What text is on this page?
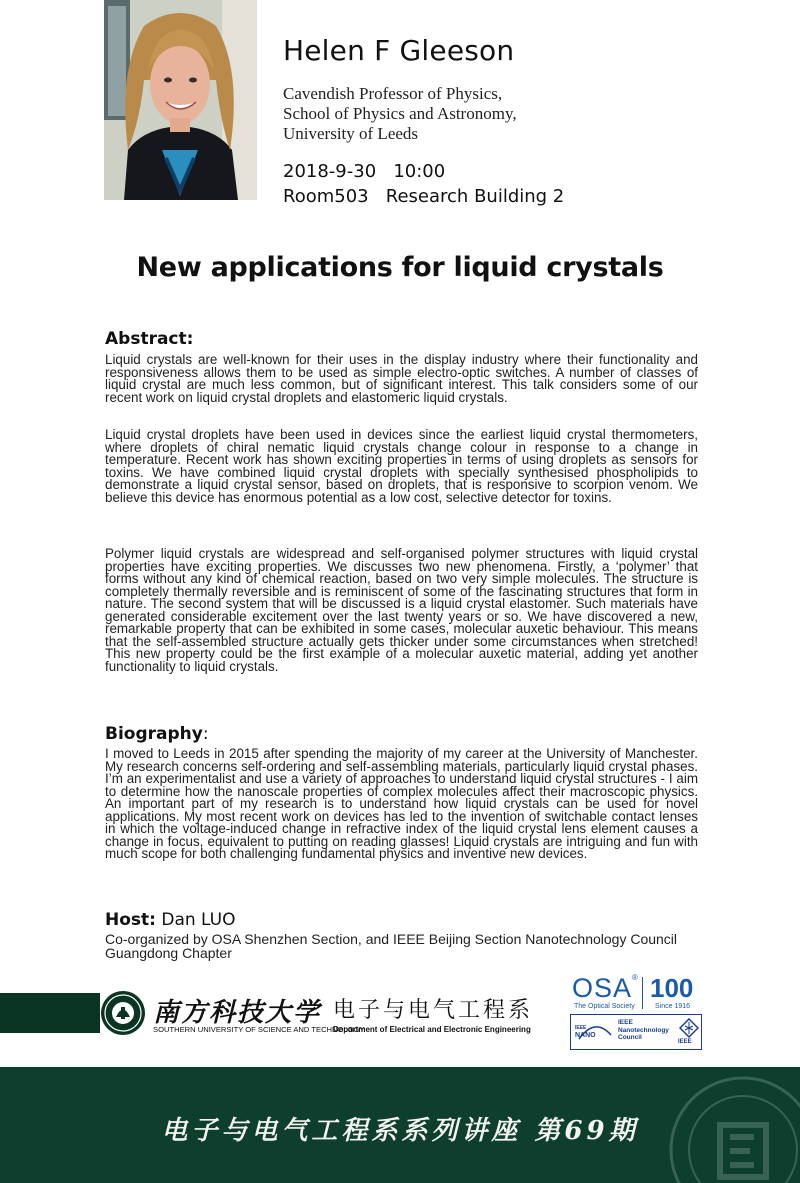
Helen F Gleeson
Cavendish Professor of Physics,
School of Physics and Astronomy,
University of Leeds
2018-9-30   10:00
Room503   Research Building 2
New applications for liquid crystals
Abstract:

Liquid crystals are well-known for their uses in the display industry where their functionality and responsiveness allows them to be used as simple electro-optic switches. A number of classes of liquid crystal are much less common, but of significant interest. This talk considers some of our recent work on liquid crystal droplets and elastomeric liquid crystals.

Liquid crystal droplets have been used in devices since the earliest liquid crystal thermometers, where droplets of chiral nematic liquid crystals change colour in response to a change in temperature. Recent work has shown exciting properties in terms of using droplets as sensors for toxins. We have combined liquid crystal droplets with specially synthesised phospholipids to demonstrate a liquid crystal sensor, based on droplets, that is responsive to scorpion venom. We believe this device has enormous potential as a low cost, selective detector for toxins.

Polymer liquid crystals are widespread and self-organised polymer structures with liquid crystal properties have exciting properties. We discusses two new phenomena. Firstly, a ‘polymer’ that forms without any kind of chemical reaction, based on two very simple molecules. The structure is completely thermally reversible and is reminiscent of some of the fascinating structures that form in nature. The second system that will be discussed is a liquid crystal elastomer. Such materials have generated considerable excitement over the last twenty years or so. We have discovered a new, remarkable property that can be exhibited in some cases, molecular auxetic behaviour. This means that the self-assembled structure actually gets thicker under some circumstances when stretched! This new property could be the first example of a molecular auxetic material, adding yet another functionality to liquid crystals.

Biography:

I moved to Leeds in 2015 after spending the majority of my career at the University of Manchester. My research concerns self-ordering and self-assembling materials, particularly liquid crystal phases. I’m an experimentalist and use a variety of approaches to understand liquid crystal structures - I aim to determine how the nanoscale properties of complex molecules affect their macroscopic physics. An important part of my research is to understand how liquid crystals can be used for novel applications. My most recent work on devices has led to the invention of switchable contact lenses in which the voltage-induced change in refractive index of the liquid crystal lens element causes a change in focus, equivalent to putting on reading glasses! Liquid crystals are intriguing and fun with much scope for both challenging fundamental physics and inventive new devices.

Host: Dan LUO
Co-organized by OSA Shenzhen Section, and IEEE Beijing Section Nanotechnology Council Guangdong Chapter
南方科技大学
SOUTHERN UNIVERSITY OF SCIENCE AND TECHNOLOGY
电子与电气工程系
Department of Electrical and Electronic Engineering
OSA®
The Optical Society
100
Since 1916
IEEE
NANO
IEEE
Nanotechnology
Council
IEEE
电子与电气工程系系列讲座 第69期
